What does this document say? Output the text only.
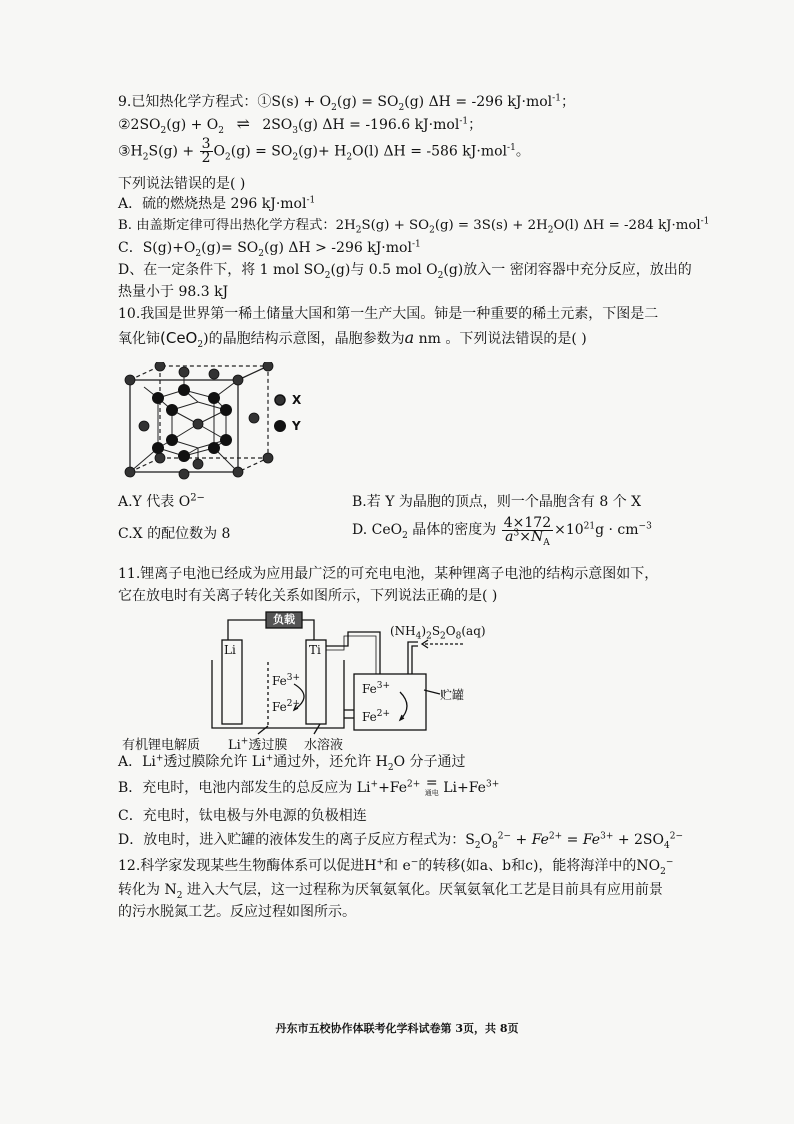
9.已知热化学方程式：①S(s) + $O_2(g) = SO_2(g) \Delta H = -296$ kJ·mol$^{-1}$；
$②2SO_2(g) + O_2$ ⇌ $2SO_3(g) \Delta H = -196.6$ kJ·mol$^{-1}$；
$③H_2S(g) + \frac{3}{2} O_2(g) = SO_2(g)+ H_2O(l) \Delta H = -586$ kJ·mol$^{-1}$。
下列说法错误的是( )
A．硫的燃烧热是 296 kJ·mol$^{-1}$
B. 由盖斯定律可得出热化学方程式：$2H_2S(g) + SO_2(g) = 3S(s) + 2H_2O(l) \Delta H = -284$ kJ·mol$^{-1}$
C．$S(g)+O_2(g)= SO_2(g) \Delta H > -296$ kJ·mol$^{-1}$
D、在一定条件下，将 1 mol $SO_2(g)$与 0.5 mol $O_2(g)$放入一 密闭容器中充分反应，放出的
热量小于 98.3 kJ
10.我国是世界第一稀土储量大国和第一生产大国。铈是一种重要的稀土元素，下图是二
氧化铈(CeO$_2$)的晶胞结构示意图，晶胞参数为a nm 。下列说法错误的是( )
X
Y
A.Y 代表 $O^{2-}$	B.若 Y 为晶胞的顶点，则一个晶胞含有 8 个 X
C.X 的配位数为 8	D. CeO$_2$ 晶体的密度为 $\frac{4\times 172}{a^3\times N_A} \times 10^{21}g \cdot cm^{-3}$
11.锂离子电池已经成为应用最广泛的可充电电池，某种锂离子电池的结构示意图如下，
它在放电时有关离子转化关系如图所示，下列说法正确的是( )
负载
Li	Ti
$(NH_4)_2S_2O_8(aq)$
$Fe^{3+}$
$Fe^{2+}$
$Fe^{3+}$
$Fe^{2+}$
贮罐
有机锂电解质 Li+透过膜 水溶液
A．Li+透过膜除允许 Li+通过外，还允许 $H_2O$ 分子通过
B．充电时，电池内部发生的总反应为 $Li^++Fe^{2+}$ =
通电 $Li+Fe^{3+}$
C．充电时，钛电极与外电源的负极相连
D．放电时，进入贮罐的液体发生的离子反应方程式为：$S_2O_8^{2-} + Fe^{2+} = Fe^{3+} + 2SO_4^{2-}$
12.科学家发现某些生物酶体系可以促进H+和 e−的转移(如a、b和c)，能将海洋中的$NO_2^-$
转化为 $N_2$ 进入大气层，这一过程称为厌氧氨氧化。厌氧氨氧化工艺是目前具有应用前景
的污水脱氮工艺。反应过程如图所示。
丹东市五校协作体联考化学科试卷第 3页，共 8页
